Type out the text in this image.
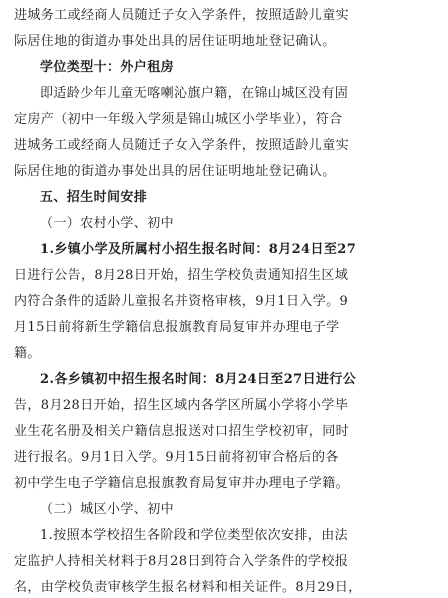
进城务工或经商人员随迁子女入学条件，按照适龄儿童实
际居住地的街道办事处出具的居住证明地址登记确认。
学位类型十：外户租房
即适龄少年儿童无喀喇沁旗户籍，在锦山城区没有固
定房产（初中一年级入学须是锦山城区小学毕业），符合
进城务工或经商人员随迁子女入学条件，按照适龄儿童实
际居住地的街道办事处出具的居住证明地址登记确认。
五、招生时间安排
（一）农村小学、初中
1.乡镇小学及所属村小招生报名时间：8月24日至27
日进行公告，8月28日开始，招生学校负责通知招生区域
内符合条件的适龄儿童报名并资格审核，9月1日入学。9
月15日前将新生学籍信息报旗教育局复审并办理电子学
籍。
2.各乡镇初中招生报名时间：8月24日至27日进行公
告，8月28日开始，招生区域内各学区所属小学将小学毕
业生花名册及相关户籍信息报送对口招生学校初审，同时
进行报名。9月1日入学。9月15日前将初审合格后的各
初中学生电子学籍信息报旗教育局复审并办理电子学籍。
（二）城区小学、初中
1.按照本学校招生各阶段和学位类型依次安排，由法
定监护人持相关材料于8月28日到符合入学条件的学校报
名，由学校负责审核学生报名材料和相关证件。8月29日，
